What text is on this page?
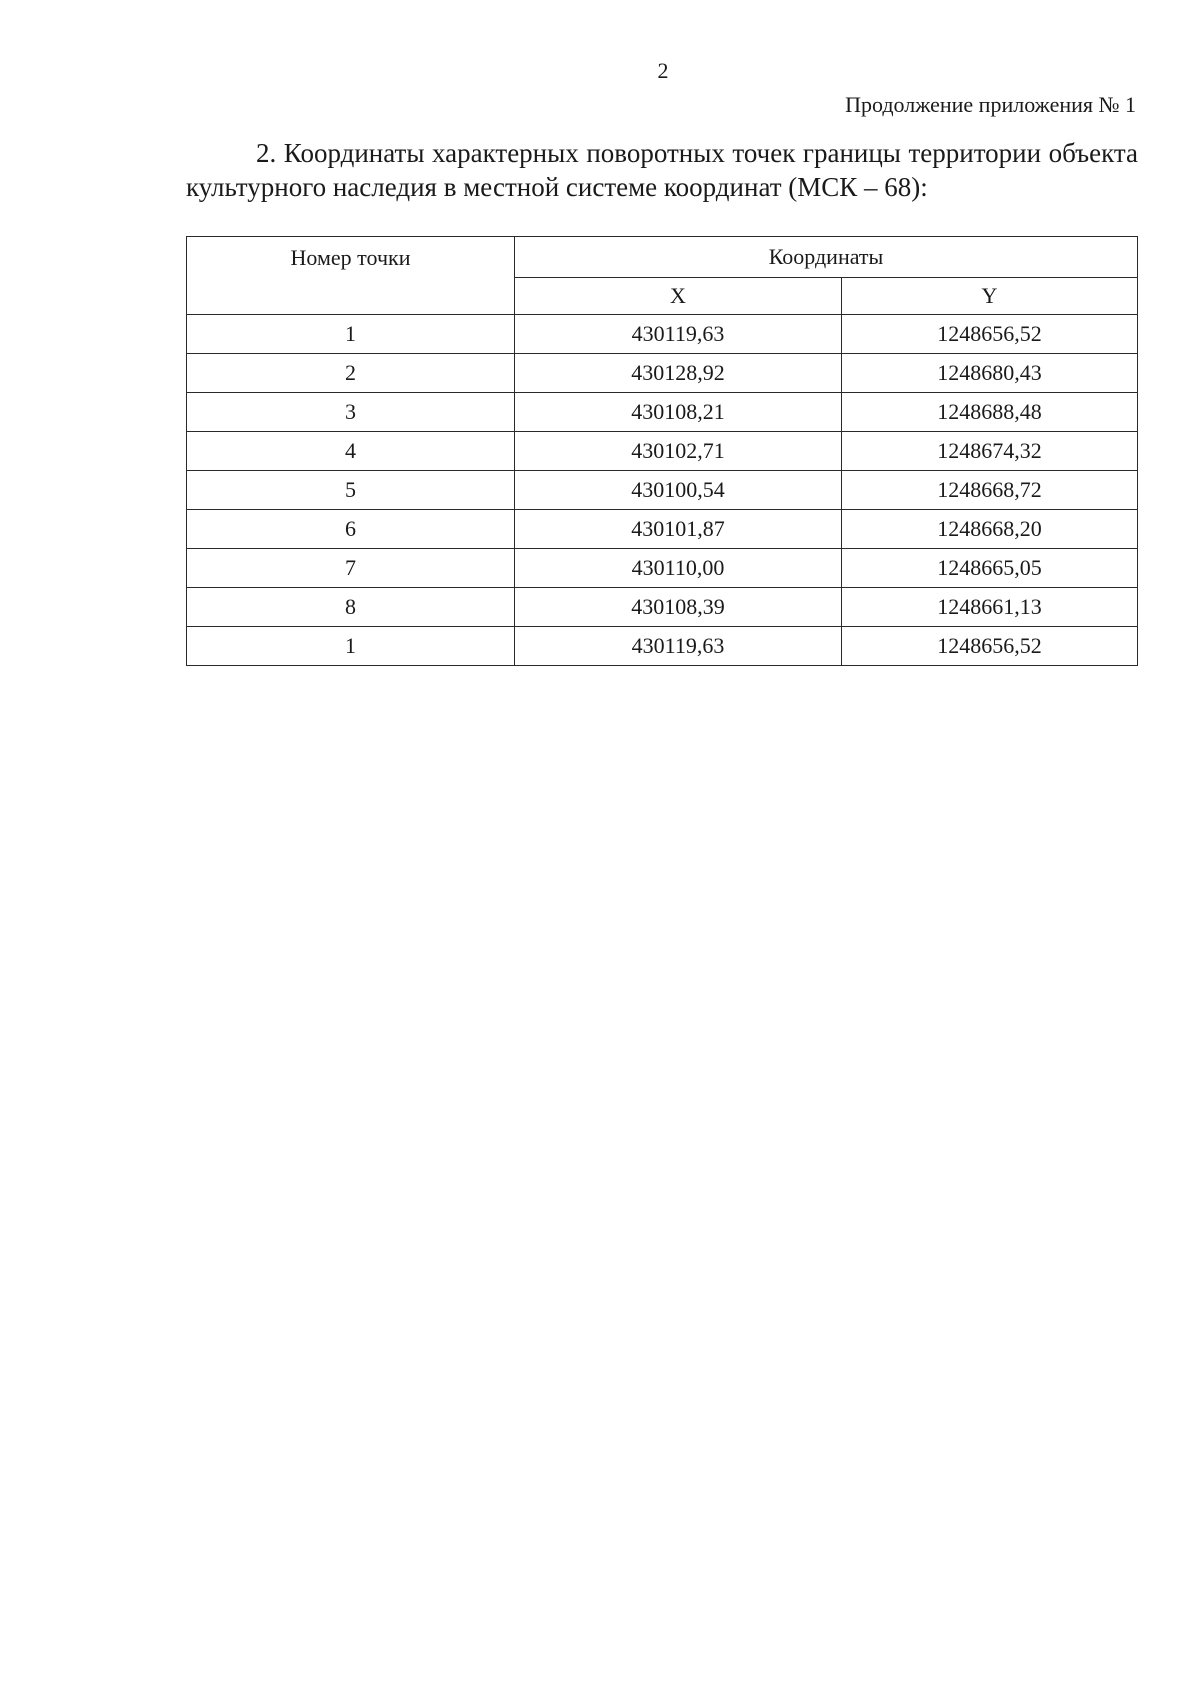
2
Продолжение приложения № 1

2. Координаты характерных поворотных точек границы территории объекта культурного наследия в местной системе координат (МСК – 68):

Номер точки	Координаты	
	X	Y
1	430119,63	1248656,52
2	430128,92	1248680,43
3	430108,21	1248688,48
4	430102,71	1248674,32
5	430100,54	1248668,72
6	430101,87	1248668,20
7	430110,00	1248665,05
8	430108,39	1248661,13
1	430119,63	1248656,52
